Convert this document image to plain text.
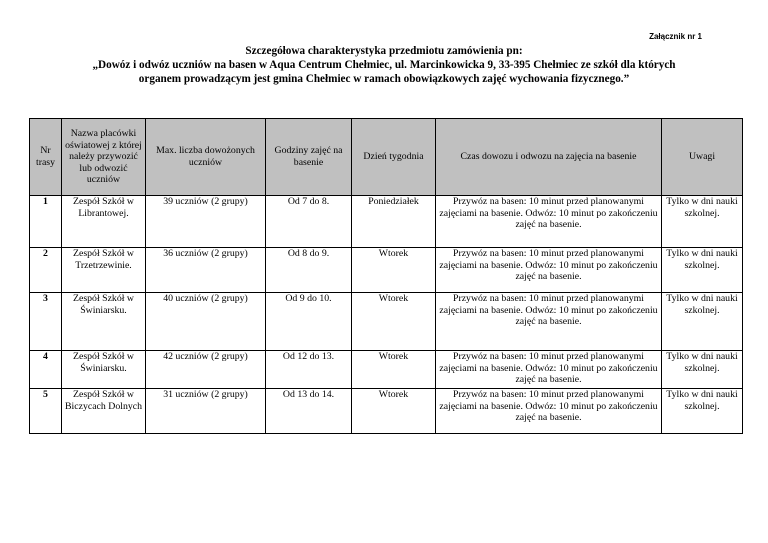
Załącznik nr 1
Szczegółowa charakterystyka przedmiotu zamówienia pn:
„Dowóz i odwóz uczniów na basen w Aqua Centrum Chełmiec, ul. Marcinkowicka 9, 33-395 Chełmiec ze szkół dla których
organem prowadzącym jest gmina Chełmiec w ramach obowiązkowych zajęć wychowania fizycznego.”
Nr trasy	Nazwa placówki oświatowej z której należy przywozić lub odwozić uczniów	Max. liczba dowożonych uczniów	Godziny zajęć na basenie	Dzień tygodnia	Czas dowozu i odwozu na zajęcia na basenie	Uwagi
1	Zespół Szkół w Librantowej.	39 uczniów (2 grupy)	Od 7 do 8.	Poniedziałek	Przywóz na basen: 10 minut przed planowanymi zajęciami na basenie. Odwóz: 10 minut po zakończeniu zajęć na basenie.	Tylko w dni nauki szkolnej.
2	Zespół Szkół w Trzetrzewinie.	36 uczniów (2 grupy)	Od 8 do 9.	Wtorek	Przywóz na basen: 10 minut przed planowanymi zajęciami na basenie. Odwóz: 10 minut po zakończeniu zajęć na basenie.	Tylko w dni nauki szkolnej.
3	Zespół Szkół w Świniarsku.	40 uczniów (2 grupy)	Od 9 do 10.	Wtorek	Przywóz na basen: 10 minut przed planowanymi zajęciami na basenie. Odwóz: 10 minut po zakończeniu zajęć na basenie.	Tylko w dni nauki szkolnej.
4	Zespół Szkół w Świniarsku.	42 uczniów (2 grupy)	Od 12 do 13.	Wtorek	Przywóz na basen: 10 minut przed planowanymi zajęciami na basenie. Odwóz: 10 minut po zakończeniu zajęć na basenie.	Tylko w dni nauki szkolnej.
5	Zespół Szkół w Biczycach Dolnych	31 uczniów (2 grupy)	Od 13 do 14.	Wtorek	Przywóz na basen: 10 minut przed planowanymi zajęciami na basenie. Odwóz: 10 minut po zakończeniu zajęć na basenie.	Tylko w dni nauki szkolnej.
